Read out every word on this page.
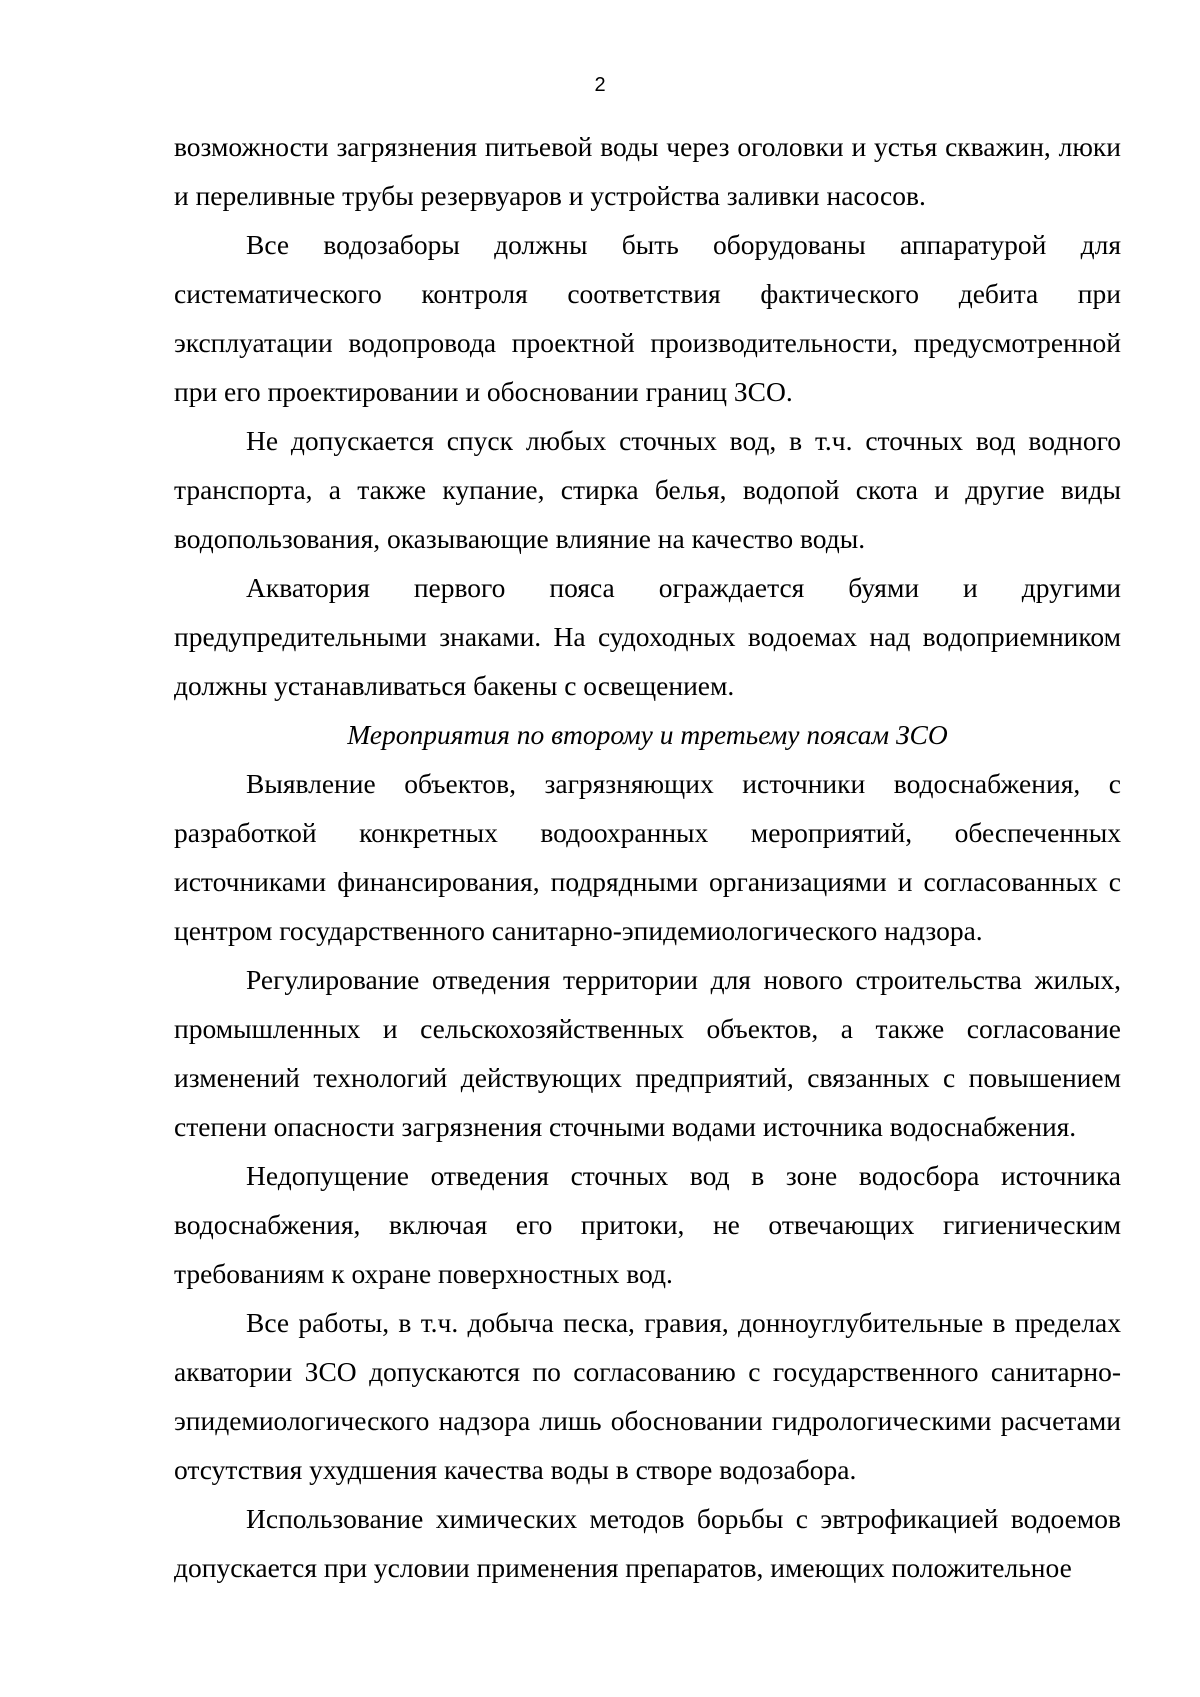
2

возможности загрязнения питьевой воды через оголовки и устья скважин, люки и переливные трубы резервуаров и устройства заливки насосов.

Все водозаборы должны быть оборудованы аппаратурой для систематического контроля соответствия фактического дебита при эксплуатации водопровода проектной производительности, предусмотренной при его проектировании и обосновании границ ЗСО.

Не допускается спуск любых сточных вод, в т.ч. сточных вод водного транспорта, а также купание, стирка белья, водопой скота и другие виды водопользования, оказывающие влияние на качество воды.

Акватория первого пояса ограждается буями и другими предупредительными знаками. На судоходных водоемах над водоприемником должны устанавливаться бакены с освещением.

Мероприятия по второму и третьему поясам ЗСО

Выявление объектов, загрязняющих источники водоснабжения, с разработкой конкретных водоохранных мероприятий, обеспеченных источниками финансирования, подрядными организациями и согласованных с центром государственного санитарно-эпидемиологического надзора.

Регулирование отведения территории для нового строительства жилых, промышленных и сельскохозяйственных объектов, а также согласование изменений технологий действующих предприятий, связанных с повышением степени опасности загрязнения сточными водами источника водоснабжения.

Недопущение отведения сточных вод в зоне водосбора источника водоснабжения, включая его притоки, не отвечающих гигиеническим требованиям к охране поверхностных вод.

Все работы, в т.ч. добыча песка, гравия, донноуглубительные в пределах акватории ЗСО допускаются по согласованию с государственного санитарно-эпидемиологического надзора лишь обосновании гидрологическими расчетами отсутствия ухудшения качества воды в створе водозабора.

Использование химических методов борьбы с эвтрофикацией водоемов допускается при условии применения препаратов, имеющих положительное
